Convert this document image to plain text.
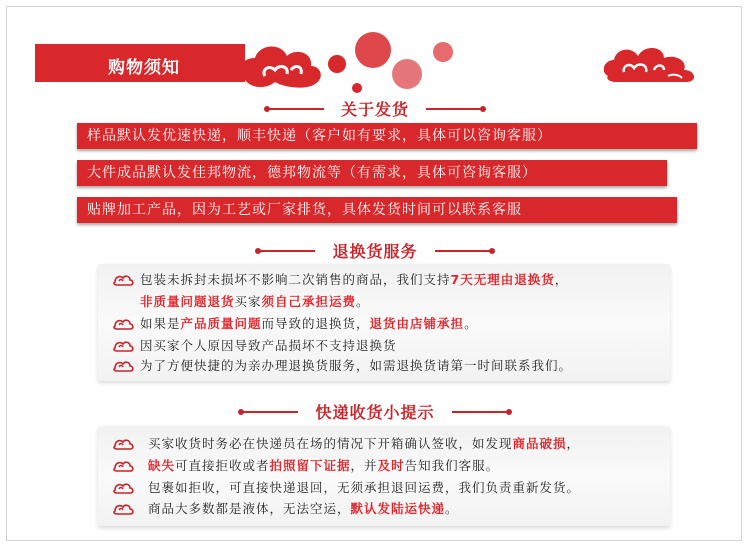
购物须知
关于发货
样品默认发优速快递，顺丰快递（客户如有要求，具体可以咨询客服）
大件成品默认发佳邦物流，德邦物流等（有需求，具体可咨询客服）
贴牌加工产品，因为工艺或厂家排货，具体发货时间可以联系客服
退换货服务
包装未拆封未损坏不影响二次销售的商品，我们支持7天无理由退换货，
非质量问题退货买家须自己承担运费。
如果是产品质量问题而导致的退换货，退货由店铺承担。
因买家个人原因导致产品损坏不支持退换货
为了方便快捷的为亲办理退换货服务，如需退换货请第一时间联系我们。
快递收货小提示
买家收货时务必在快递员在场的情况下开箱确认签收，如发现商品破损，
缺失可直接拒收或者拍照留下证据，并及时告知我们客服。
包裹如拒收，可直接快递退回，无须承担退回运费，我们负责重新发货。
商品大多数都是液体，无法空运，默认发陆运快递。
